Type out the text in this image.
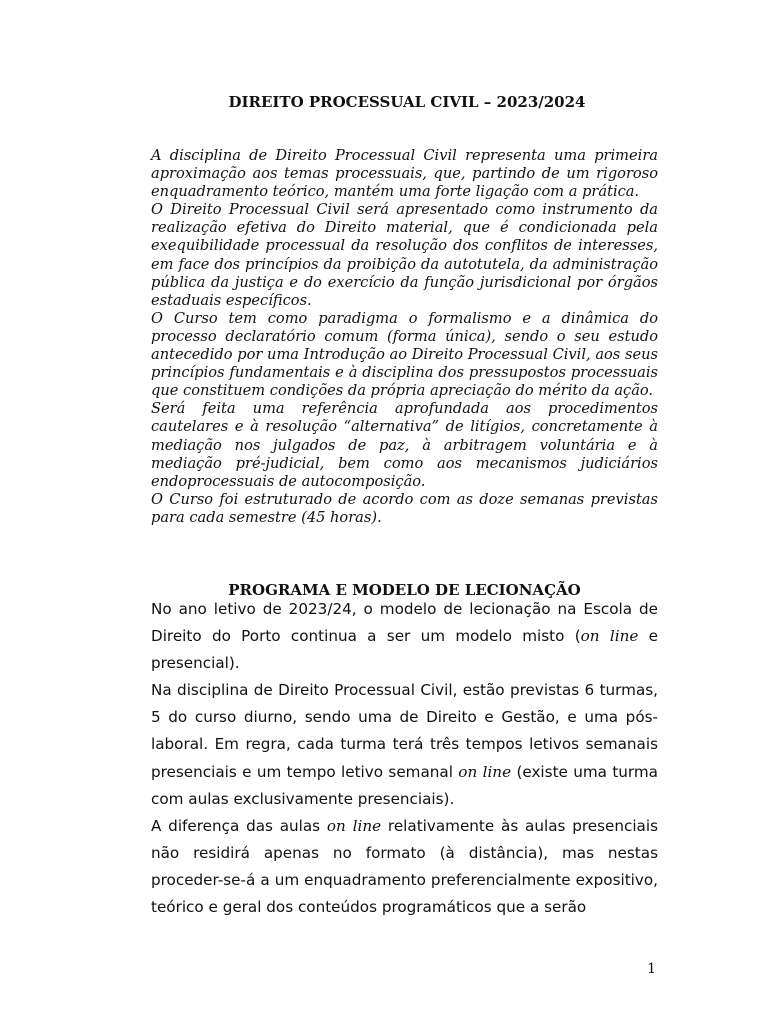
DIREITO PROCESSUAL CIVIL – 2023/2024

A disciplina de Direito Processual Civil representa uma primeira aproximação aos temas processuais, que, partindo de um rigoroso enquadramento teórico, mantém uma forte ligação com a prática.

O Direito Processual Civil será apresentado como instrumento da realização efetiva do Direito material, que é condicionada pela exequibilidade processual da resolução dos conflitos de interesses, em face dos princípios da proibição da autotutela, da administração pública da justiça e do exercício da função jurisdicional por órgãos estaduais específicos.

O Curso tem como paradigma o formalismo e a dinâmica do processo declaratório comum (forma única), sendo o seu estudo antecedido por uma Introdução ao Direito Processual Civil, aos seus princípios fundamentais e à disciplina dos pressupostos processuais que constituem condições da própria apreciação do mérito da ação.

Será feita uma referência aprofundada aos procedimentos cautelares e à resolução “alternativa” de litígios, concretamente à mediação nos julgados de paz, à arbitragem voluntária e à mediação pré-judicial, bem como aos mecanismos judiciários endoprocessuais de autocomposição.

O Curso foi estruturado de acordo com as doze semanas previstas para cada semestre (45 horas).

PROGRAMA E MODELO DE LECIONAÇÃO

No ano letivo de 2023/24, o modelo de lecionação na Escola de Direito do Porto continua a ser um modelo misto (on line e presencial).

Na disciplina de Direito Processual Civil, estão previstas 6 turmas, 5 do curso diurno, sendo uma de Direito e Gestão, e uma pós-laboral. Em regra, cada turma terá três tempos letivos semanais presenciais e um tempo letivo semanal on line (existe uma turma com aulas exclusivamente presenciais).

A diferença das aulas on line relativamente às aulas presenciais não residirá apenas no formato (à distância), mas nestas proceder-se-á a um enquadramento preferencialmente expositivo, teórico e geral dos conteúdos programáticos que a serão

1
